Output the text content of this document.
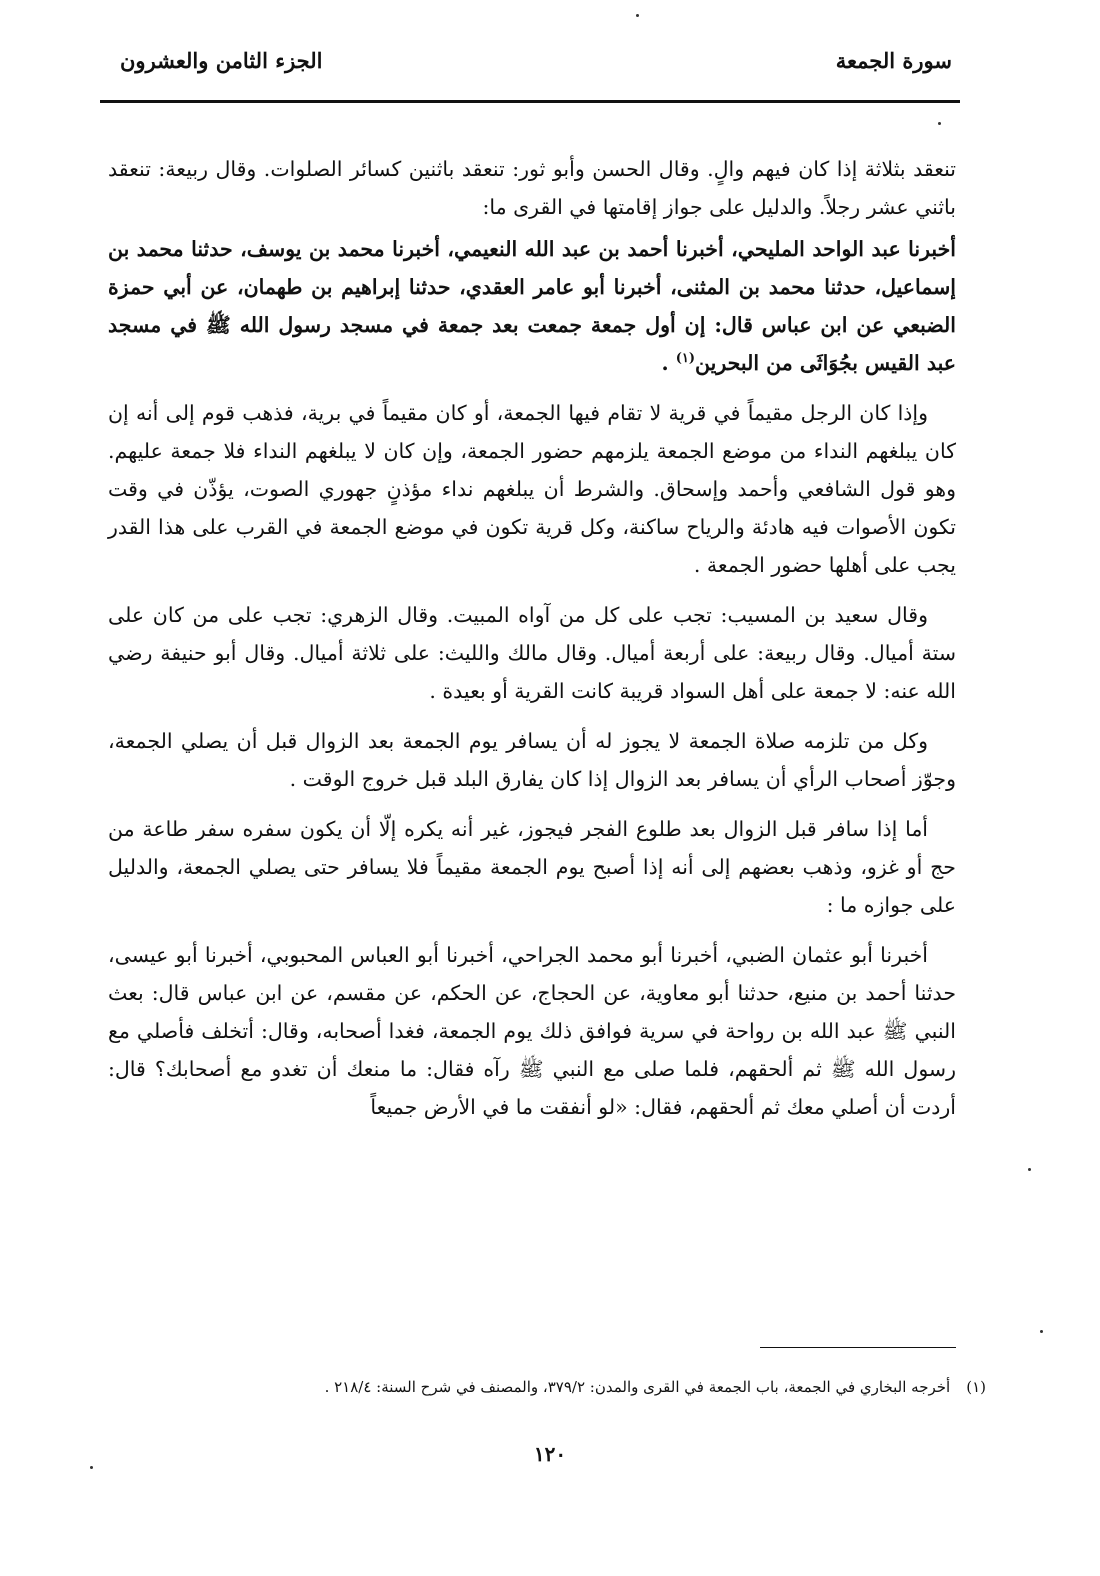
سورة الجمعة
الجزء الثامن والعشرون

تنعقد بثلاثة إذا كان فيهم والٍ. وقال الحسن وأبو ثور: تنعقد باثنين كسائر الصلوات. وقال ربيعة: تنعقد باثني عشر رجلاً. والدليل على جواز إقامتها في القرى ما:

أخبرنا عبد الواحد المليحي، أخبرنا أحمد بن عبد الله النعيمي، أخبرنا محمد بن يوسف، حدثنا محمد بن إسماعيل، حدثنا محمد بن المثنى، أخبرنا أبو عامر العقدي، حدثنا إبراهيم بن طهمان، عن أبي حمزة الضبعي عن ابن عباس قال: إن أول جمعة جمعت بعد جمعة في مسجد رسول الله ﷺ في مسجد عبد القيس بجُوَاثَى من البحرين$^{(١)}$ .

وإذا كان الرجل مقيماً في قرية لا تقام فيها الجمعة، أو كان مقيماً في برية، فذهب قوم إلى أنه إن كان يبلغهم النداء من موضع الجمعة يلزمهم حضور الجمعة، وإن كان لا يبلغهم النداء فلا جمعة عليهم. وهو قول الشافعي وأحمد وإسحاق. والشرط أن يبلغهم نداء مؤذنٍ جهوري الصوت، يؤذّن في وقت تكون الأصوات فيه هادئة والرياح ساكنة، وكل قرية تكون في موضع الجمعة في القرب على هذا القدر يجب على أهلها حضور الجمعة .

وقال سعيد بن المسيب: تجب على كل من آواه المبيت. وقال الزهري: تجب على من كان على ستة أميال. وقال ربيعة: على أربعة أميال. وقال مالك والليث: على ثلاثة أميال. وقال أبو حنيفة رضي الله عنه: لا جمعة على أهل السواد قريبة كانت القرية أو بعيدة .

وكل من تلزمه صلاة الجمعة لا يجوز له أن يسافر يوم الجمعة بعد الزوال قبل أن يصلي الجمعة، وجوّز أصحاب الرأي أن يسافر بعد الزوال إذا كان يفارق البلد قبل خروج الوقت .

أما إذا سافر قبل الزوال بعد طلوع الفجر فيجوز، غير أنه يكره إلّا أن يكون سفره سفر طاعة من حج أو غزو، وذهب بعضهم إلى أنه إذا أصبح يوم الجمعة مقيماً فلا يسافر حتى يصلي الجمعة، والدليل على جوازه ما :

أخبرنا أبو عثمان الضبي، أخبرنا أبو محمد الجراحي، أخبرنا أبو العباس المحبوبي، أخبرنا أبو عيسى، حدثنا أحمد بن منيع، حدثنا أبو معاوية، عن الحجاج، عن الحكم، عن مقسم، عن ابن عباس قال: بعث النبي ﷺ عبد الله بن رواحة في سرية فوافق ذلك يوم الجمعة، فغدا أصحابه، وقال: أتخلف فأصلي مع رسول الله ﷺ ثم ألحقهم، فلما صلى مع النبي ﷺ رآه فقال: ما منعك أن تغدو مع أصحابك؟ قال: أردت أن أصلي معك ثم ألحقهم، فقال: «لو أنفقت ما في الأرض جميعاً

(١)أخرجه البخاري في الجمعة، باب الجمعة في القرى والمدن: ٣٧٩/٢، والمصنف في شرح السنة: ٢١٨/٤ .
١٢٠
